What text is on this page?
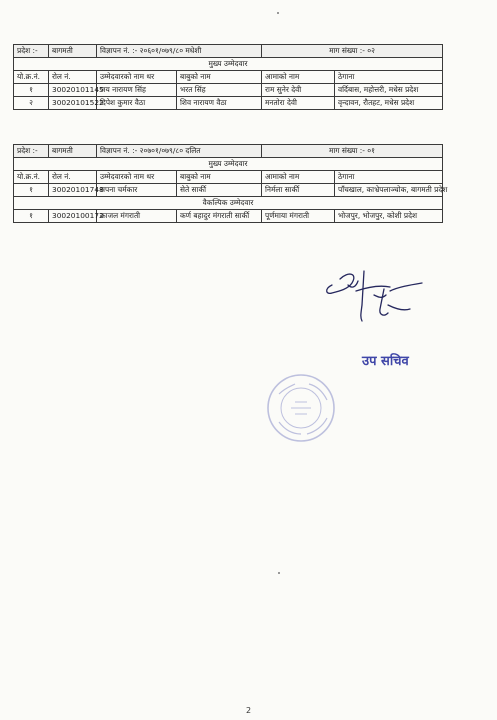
प्रदेश :-	बागमती	विज्ञापन नं. :- २०६०१/०७९/८० मधेशी		माग संख्या :- ०२	
मुख्य उम्मेदवार					
यो.क्र.नं.	रोल नं.	उम्मेदवारको नाम थर	बाबुको नाम	आमाको नाम	ठेगाना
१	30020101145	जय नारायण सिंह	भरत सिंह	राम सुनेर देवी	वर्दिबास, महोत्तरी, मधेस प्रदेश
२	30020101522	दिपेश कुमार वैठा	शिव नारायण वैठा	मनतोरा देवी	वृन्दावन, रौतहट, मधेस प्रदेश
प्रदेश :-	बागमती	विज्ञापन नं. :- २०७०१/०७९/८० दलित		माग संख्या :- ०१	
मुख्य उम्मेदवार					
यो.क्र.नं.	रोल नं.	उम्मेदवारको नाम थर	बाबुको नाम	आमाको नाम	ठेगाना
१	30020101748	सपना चर्मकार	सेते सार्की	निर्मला सार्की	पाँचखाल, काभ्रेपलाञ्चोक, बागमती प्रदेश
वैकल्पिक उम्मेदवार					
१	30020100172	काजल मंगराती	कर्ण बहादुर मंगराती सार्की	पूर्णमाया मंगराती	भोजपुर, भोजपुर, कोशी प्रदेश
उप सचिव
2
